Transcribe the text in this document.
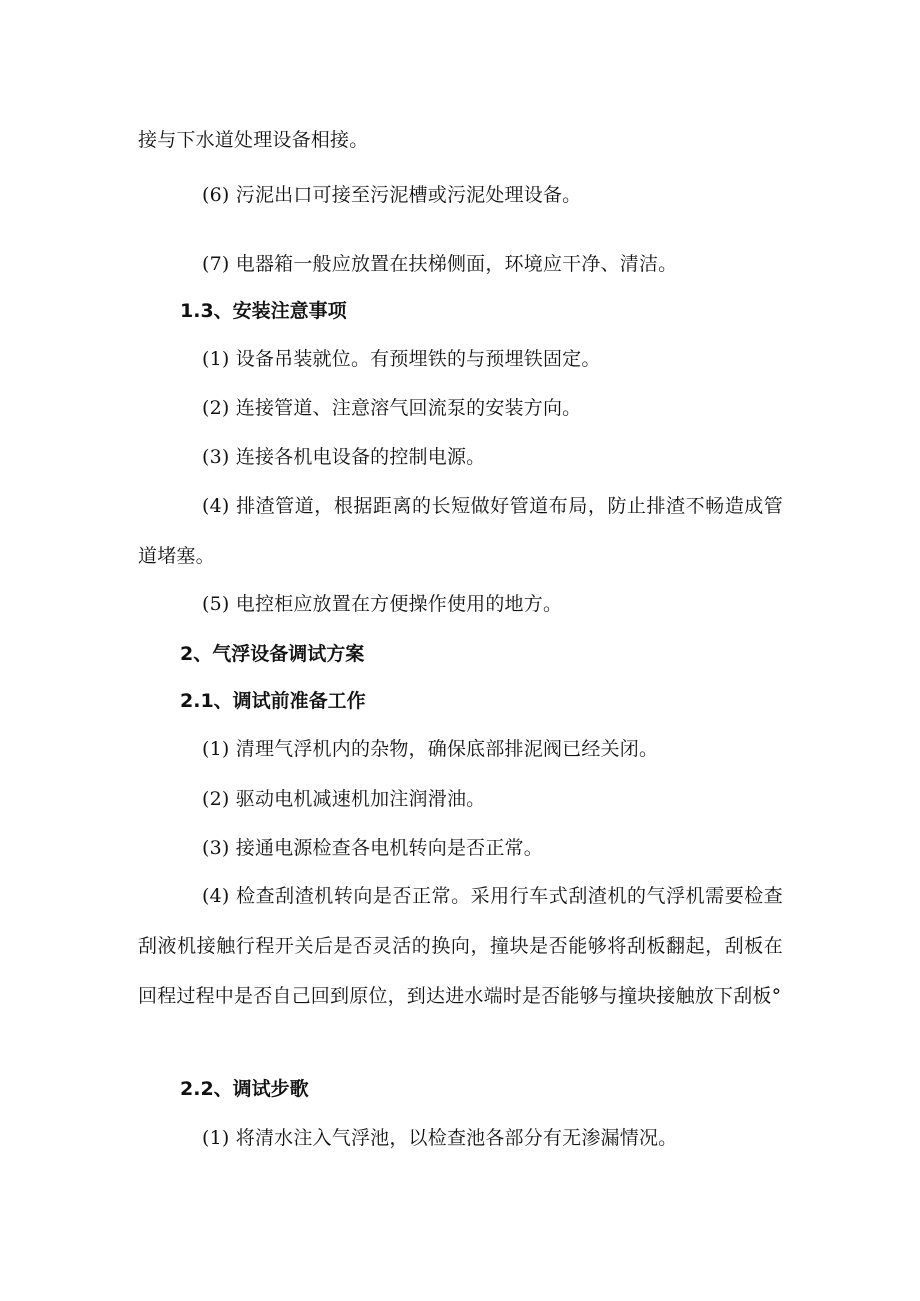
接与下水道处理设备相接。
(6) 污泥出口可接至污泥槽或污泥处理设备。
(7) 电器箱一般应放置在扶梯侧面，环境应干净、清洁。
1.3、安装注意事项
(1) 设备吊装就位。有预埋铁的与预埋铁固定。
(2) 连接管道、注意溶气回流泵的安装方向。
(3) 连接各机电设备的控制电源。
(4) 排渣管道，根据距离的长短做好管道布局，防止排渣不畅造成管道堵塞。
(5) 电控柜应放置在方便操作使用的地方。
2、气浮设备调试方案
2.1、调试前准备工作
(1) 清理气浮机内的杂物，确保底部排泥阀已经关闭。
(2) 驱动电机减速机加注润滑油。
(3) 接通电源检查各电机转向是否正常。
(4) 检查刮渣机转向是否正常。采用行车式刮渣机的气浮机需要检查刮液机接触行程开关后是否灵活的换向，撞块是否能够将刮板翻起，刮板在回程过程中是否自己回到原位，到达进水端时是否能够与撞块接触放下刮板°
2.2、调试步歌
(1) 将清水注入气浮池，以检查池各部分有无渗漏情况。
